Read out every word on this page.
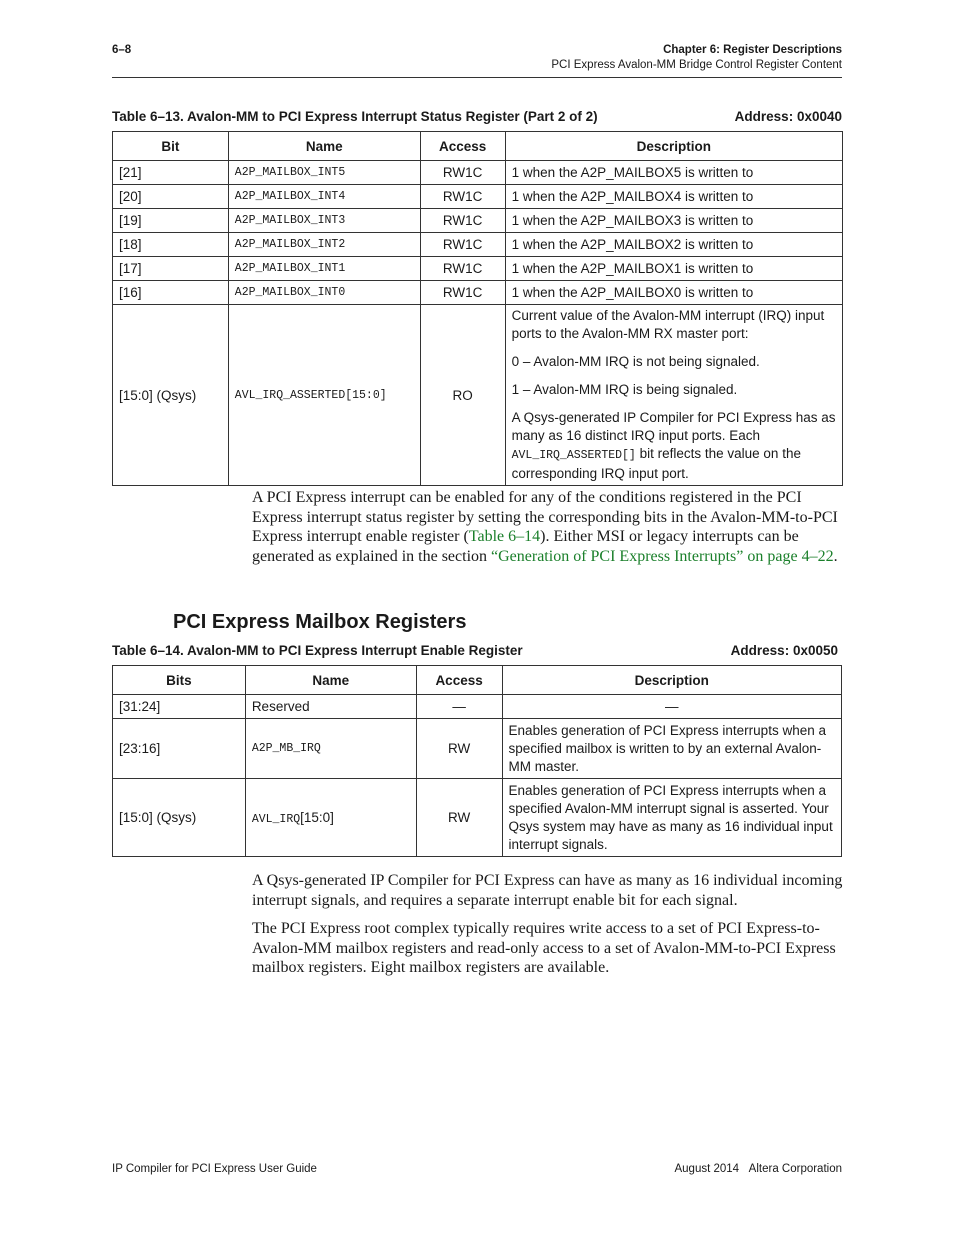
6–8	Chapter 6: Register Descriptions
PCI Express Avalon-MM Bridge Control Register Content
Table 6–13. Avalon-MM to PCI Express Interrupt Status Register (Part 2 of 2)	Address: 0x0040
Bit	Name	Access	Description
[21]	A2P_MAILBOX_INT5	RW1C	1 when the A2P_MAILBOX5 is written to
[20]	A2P_MAILBOX_INT4	RW1C	1 when the A2P_MAILBOX4 is written to
[19]	A2P_MAILBOX_INT3	RW1C	1 when the A2P_MAILBOX3 is written to
[18]	A2P_MAILBOX_INT2	RW1C	1 when the A2P_MAILBOX2 is written to
[17]	A2P_MAILBOX_INT1	RW1C	1 when the A2P_MAILBOX1 is written to
[16]	A2P_MAILBOX_INT0	RW1C	1 when the A2P_MAILBOX0 is written to
[15:0] (Qsys)	AVL_IRQ_ASSERTED[15:0]	RO	Current value of the Avalon-MM interrupt (IRQ) input ports to the Avalon-MM RX master port:

0 – Avalon-MM IRQ is not being signaled.

1 – Avalon-MM IRQ is being signaled.

A Qsys-generated IP Compiler for PCI Express has as many as 16 distinct IRQ input ports. Each AVL_IRQ_ASSERTED[] bit reflects the value on the corresponding IRQ input port.

A PCI Express interrupt can be enabled for any of the conditions registered in the PCI Express interrupt status register by setting the corresponding bits in the Avalon-MM-to-PCI Express interrupt enable register (Table 6–14). Either MSI or legacy interrupts can be generated as explained in the section “Generation of PCI Express Interrupts” on page 4–22.

PCI Express Mailbox Registers
Table 6–14. Avalon-MM to PCI Express Interrupt Enable Register	Address: 0x0050
Bits	Name	Access	Description
[31:24]	Reserved	—	—
[23:16]	A2P_MB_IRQ	RW	Enables generation of PCI Express interrupts when a specified mailbox is written to by an external Avalon-MM master.
[15:0] (Qsys)	AVL_IRQ[15:0]	RW	Enables generation of PCI Express interrupts when a specified Avalon-MM interrupt signal is asserted. Your Qsys system may have as many as 16 individual input interrupt signals.

A Qsys-generated IP Compiler for PCI Express can have as many as 16 individual incoming interrupt signals, and requires a separate interrupt enable bit for each signal.

The PCI Express root complex typically requires write access to a set of PCI Express-to-Avalon-MM mailbox registers and read-only access to a set of Avalon-MM-to-PCI Express mailbox registers. Eight mailbox registers are available.

IP Compiler for PCI Express User Guide	August 2014 Altera Corporation
